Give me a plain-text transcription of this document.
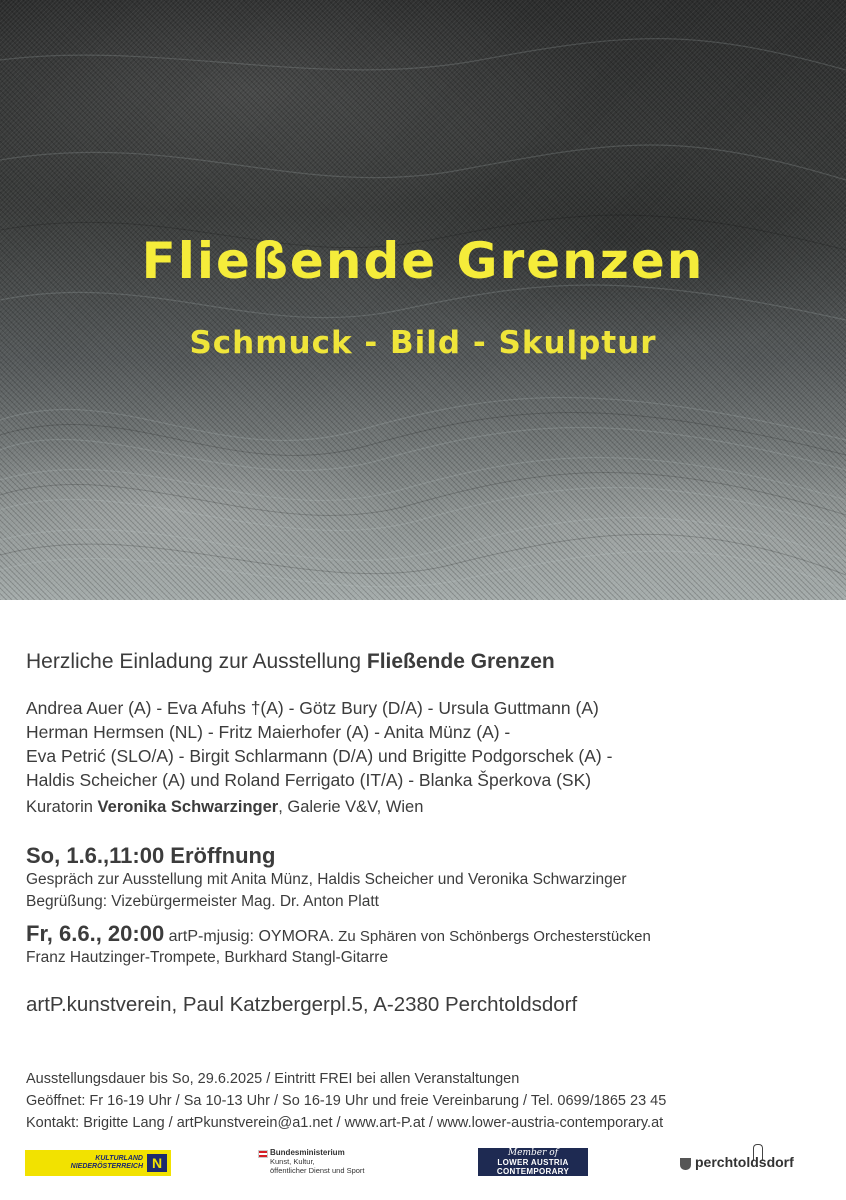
Fließende Grenzen
Schmuck - Bild - Skulptur

Herzliche Einladung zur Ausstellung Fließende Grenzen

Andrea Auer (A) - Eva Afuhs †(A) - Götz Bury (D/A) - Ursula Guttmann (A)
Herman Hermsen (NL) - Fritz Maierhofer (A) - Anita Münz (A) -
Eva Petrić (SLO/A) - Birgit Schlarmann (D/A) und Brigitte Podgorschek (A) -
Haldis Scheicher (A) und Roland Ferrigato (IT/A) - Blanka Šperkova (SK)
Kuratorin Veronika Schwarzinger, Galerie V&V, Wien
So, 1.6.,11:00 Eröffnung
Gespräch zur Ausstellung mit Anita Münz, Haldis Scheicher und Veronika Schwarzinger
Begrüßung: Vizebürgermeister Mag. Dr. Anton Platt
Fr, 6.6., 20:00 artP-mjusig: OYMORA. Zu Sphären von Schönbergs Orchesterstücken
Franz Hautzinger-Trompete, Burkhard Stangl-Gitarre
artP.kunstverein, Paul Katzbergerpl.5, A-2380 Perchtoldsdorf
Ausstellungsdauer bis So, 29.6.2025 / Eintritt FREI bei allen Veranstaltungen
Geöffnet: Fr 16-19 Uhr / Sa 10-13 Uhr / So 16-19 Uhr und freie Vereinbarung / Tel. 0699/1865 23 45
Kontakt: Brigitte Lang / artPkunstverein@a1.net / www.art-P.at / www.lower-austria-contemporary.at
KULTURLAND
NIEDERÖSTERREICH N
Bundesministerium
Kunst, Kultur,
öffentlicher Dienst und Sport
Member of
LOWER AUSTRIA
CONTEMPORARY
perchtoldsdorf
